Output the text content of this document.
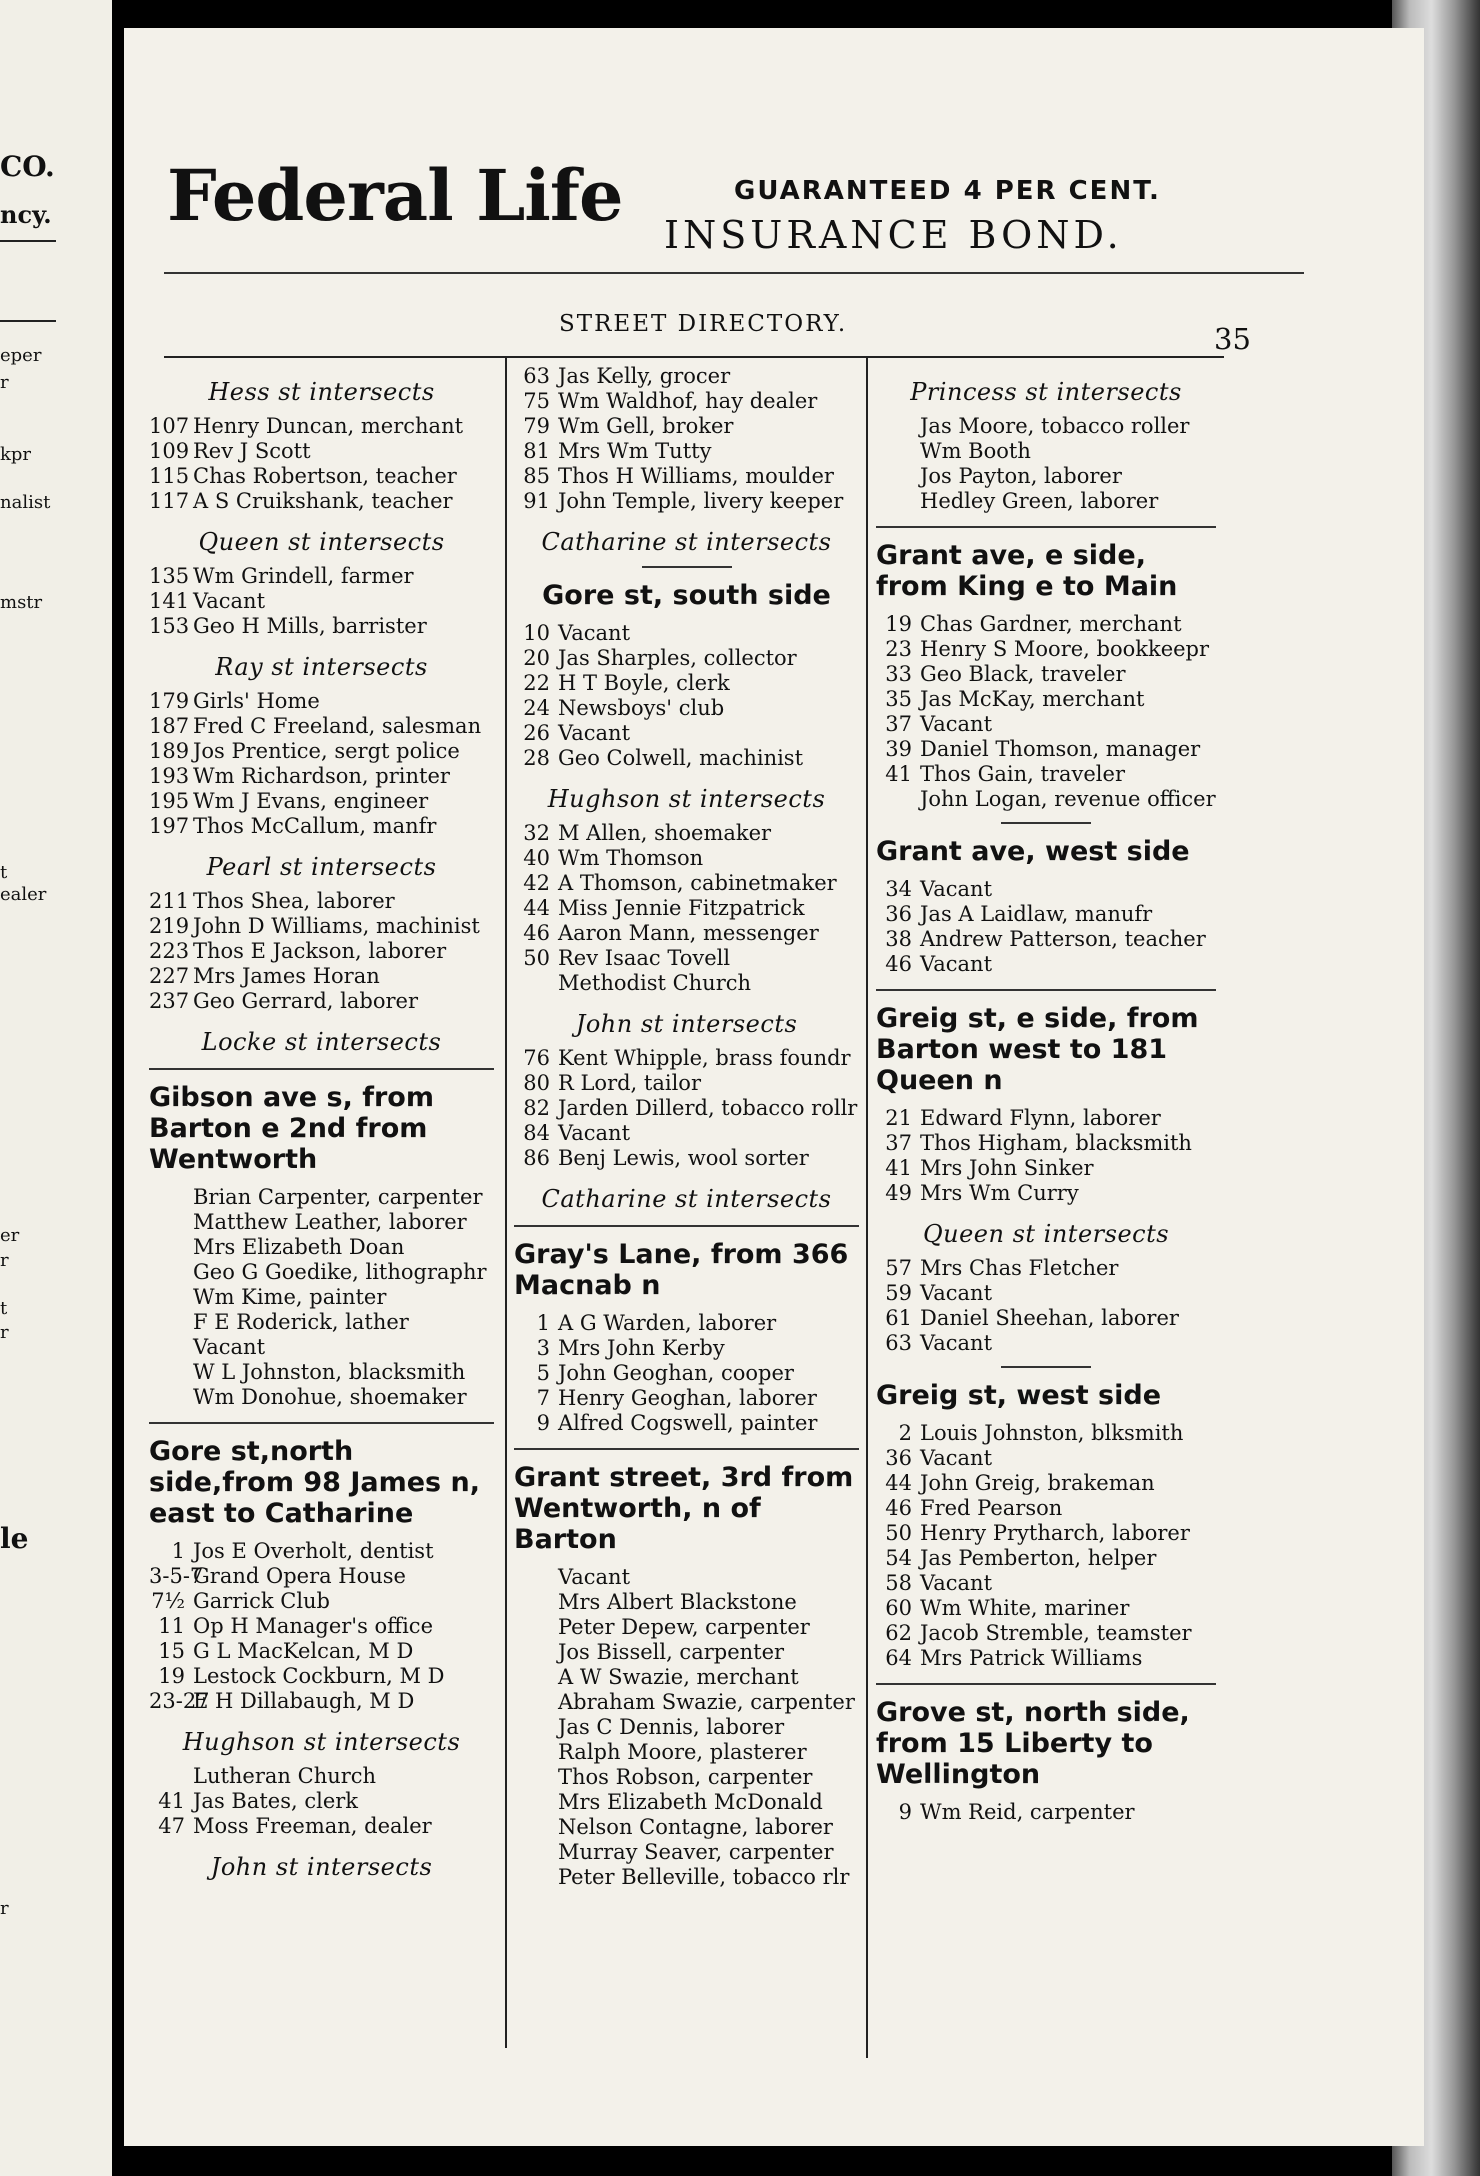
CO.
ncy.
eper
r
kpr
nalist
mstr
t
ealer
er
r
t
r
le
r
Federal Life	GUARANTEED 4 PER CENT.
INSURANCE BOND.
STREET DIRECTORY.	35
Hess st intersects
107 Henry Duncan, merchant
109 Rev J Scott
115 Chas Robertson, teacher
117 A S Cruikshank, teacher
Queen st intersects
135 Wm Grindell, farmer
141 Vacant
153 Geo H Mills, barrister
Ray st intersects
179 Girls' Home
187 Fred C Freeland, salesman
189 Jos Prentice, sergt police
193 Wm Richardson, printer
195 Wm J Evans, engineer
197 Thos McCallum, manfr
Pearl st intersects
211 Thos Shea, laborer
219 John D Williams, machinist
223 Thos E Jackson, laborer
227 Mrs James Horan
237 Geo Gerrard, laborer
Locke st intersects
Gibson ave s, from Barton e 2nd from Wentworth
Brian Carpenter, carpenter
Matthew Leather, laborer
Mrs Elizabeth Doan
Geo G Goedike, lithographr
Wm Kime, painter
F E Roderick, lather
Vacant
W L Johnston, blacksmith
Wm Donohue, shoemaker
Gore st,north side,from 98 James n, east to Catharine
1 Jos E Overholt, dentist
3-5-7Grand Opera House
7½ Garrick Club
11 Op H Manager's office
15 G L MacKelcan, M D
19 Lestock Cockburn, M D
23-27E H Dillabaugh, M D
Hughson st intersects
Lutheran Church
41 Jas Bates, clerk
47 Moss Freeman, dealer
John st intersects
63 Jas Kelly, grocer
75 Wm Waldhof, hay dealer
79 Wm Gell, broker
81 Mrs Wm Tutty
85 Thos H Williams, moulder
91 John Temple, livery keeper
Catharine st intersects
Gore st, south side
10 Vacant
20 Jas Sharples, collector
22 H T Boyle, clerk
24 Newsboys' club
26 Vacant
28 Geo Colwell, machinist
Hughson st intersects
32 M Allen, shoemaker
40 Wm Thomson
42 A Thomson, cabinetmaker
44 Miss Jennie Fitzpatrick
46 Aaron Mann, messenger
50 Rev Isaac Tovell
Methodist Church
John st intersects
76 Kent Whipple, brass foundr
80 R Lord, tailor
82 Jarden Dillerd, tobacco rollr
84 Vacant
86 Benj Lewis, wool sorter
Catharine st intersects
Gray's Lane, from 366 Macnab n
1 A G Warden, laborer
3 Mrs John Kerby
5 John Geoghan, cooper
7 Henry Geoghan, laborer
9 Alfred Cogswell, painter
Grant street, 3rd from Wentworth, n of Barton
Vacant
Mrs Albert Blackstone
Peter Depew, carpenter
Jos Bissell, carpenter
A W Swazie, merchant
Abraham Swazie, carpenter
Jas C Dennis, laborer
Ralph Moore, plasterer
Thos Robson, carpenter
Mrs Elizabeth McDonald
Nelson Contagne, laborer
Murray Seaver, carpenter
Peter Belleville, tobacco rlr
Princess st intersects
Jas Moore, tobacco roller
Wm Booth
Jos Payton, laborer
Hedley Green, laborer
Grant ave, e side, from King e to Main
19 Chas Gardner, merchant
23 Henry S Moore, bookkeepr
33 Geo Black, traveler
35 Jas McKay, merchant
37 Vacant
39 Daniel Thomson, manager
41 Thos Gain, traveler
John Logan, revenue officer
Grant ave, west side
34 Vacant
36 Jas A Laidlaw, manufr
38 Andrew Patterson, teacher
46 Vacant
Greig st, e side, from Barton west to 181 Queen n
21 Edward Flynn, laborer
37 Thos Higham, blacksmith
41 Mrs John Sinker
49 Mrs Wm Curry
Queen st intersects
57 Mrs Chas Fletcher
59 Vacant
61 Daniel Sheehan, laborer
63 Vacant
Greig st, west side
2 Louis Johnston, blksmith
36 Vacant
44 John Greig, brakeman
46 Fred Pearson
50 Henry Prytharch, laborer
54 Jas Pemberton, helper
58 Vacant
60 Wm White, mariner
62 Jacob Stremble, teamster
64 Mrs Patrick Williams
Grove st, north side, from 15 Liberty to Wellington
9 Wm Reid, carpenter
